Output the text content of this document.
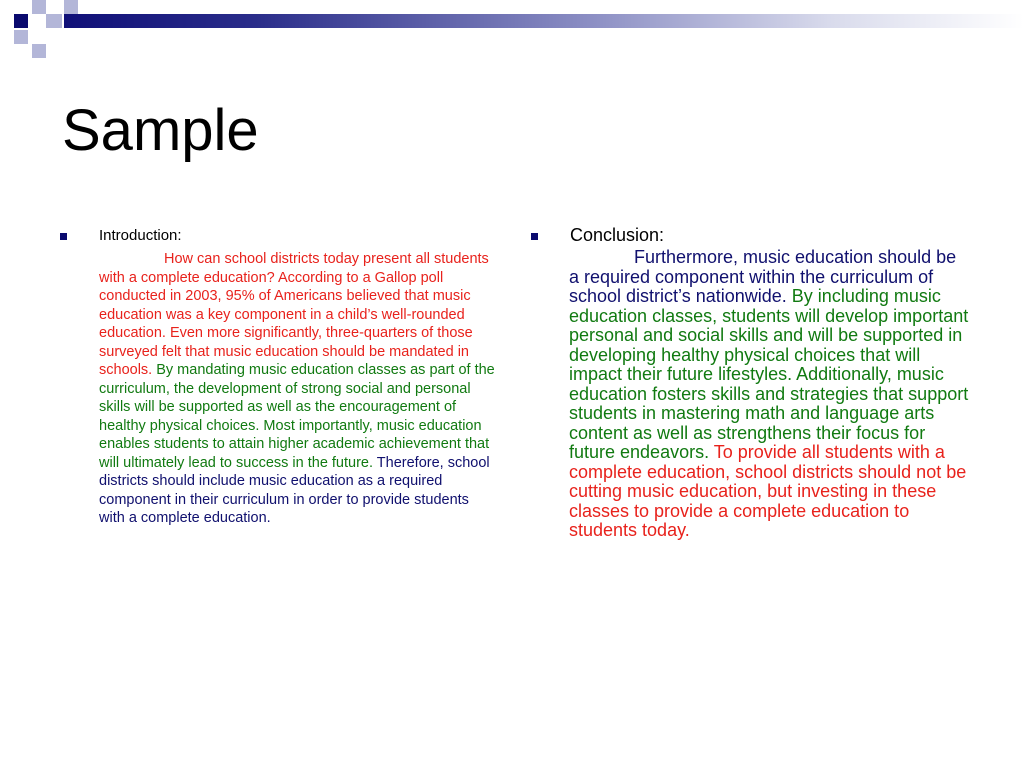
Sample
Introduction:

How can school districts today present all students with a complete education? According to a Gallop poll conducted in 2003, 95% of Americans believed that music education was a key component in a child’s well-rounded education. Even more significantly, three-quarters of those surveyed felt that music education should be mandated in schools. By mandating music education classes as part of the curriculum, the development of strong social and personal skills will be supported as well as the encouragement of healthy physical choices. Most importantly, music education enables students to attain higher academic achievement that will ultimately lead to success in the future. Therefore, school districts should include music education as a required component in their curriculum in order to provide students with a complete education.

Conclusion:

Furthermore, music education should be a required component within the curriculum of school district’s nationwide. By including music education classes, students will develop important personal and social skills and will be supported in developing healthy physical choices that will impact their future lifestyles. Additionally, music education fosters skills and strategies that support students in mastering math and language arts content as well as strengthens their focus for future endeavors. To provide all students with a complete education, school districts should not be cutting music education, but investing in these classes to provide a complete education to students today.
